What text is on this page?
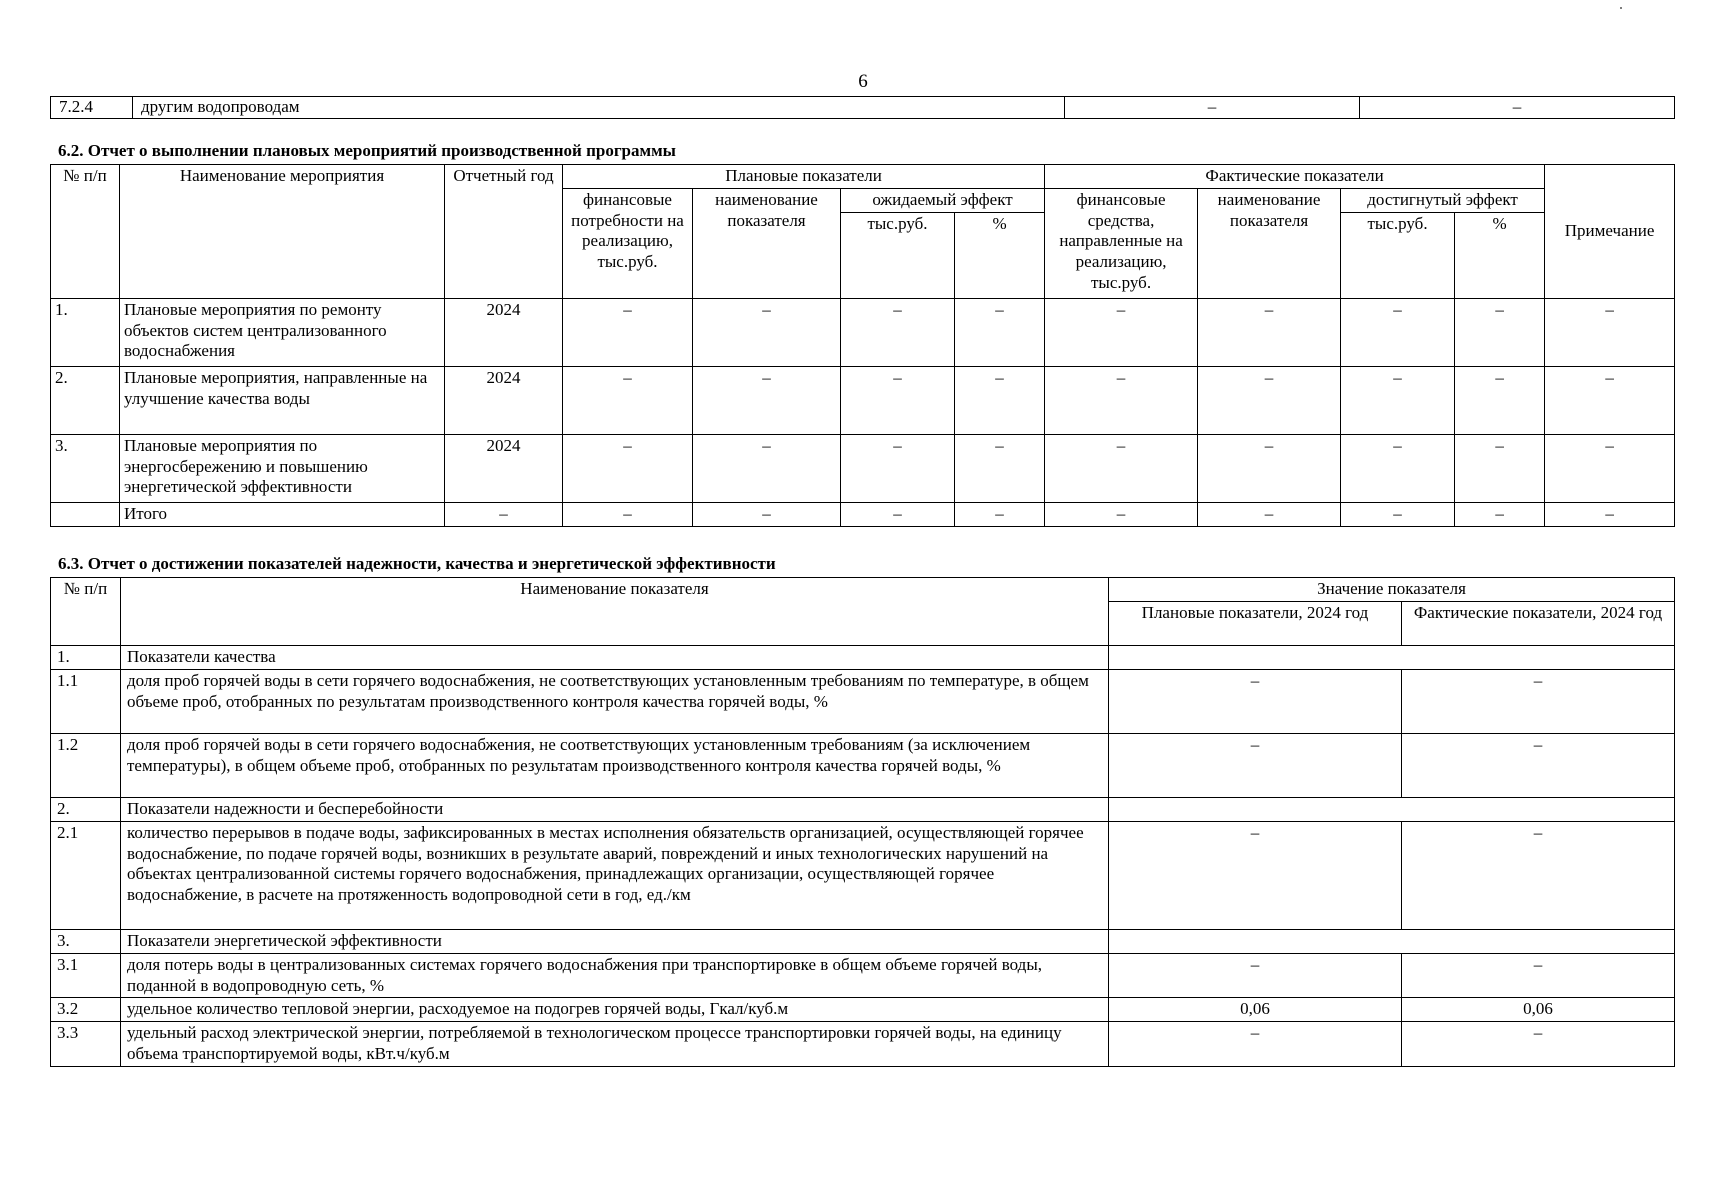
6
7.2.4	другим водопроводам	–	–
6.2. Отчет о выполнении плановых мероприятий производственной программы
№ п/п	Наименование мероприятия	Отчетный год	Плановые показатели				Фактические показатели				Примечание
			финансовые потребности на реализацию, тыс.руб.	наименование показателя	ожидаемый эффект		финансовые средства, направленные на реализацию, тыс.руб.	наименование показателя	достигнутый эффект		
					тыс.руб.	%			тыс.руб.	%	
1.	Плановые мероприятия по ремонту объектов систем централизованного водоснабжения	2024	–	–	–	–	–	–	–	–	–
2.	Плановые мероприятия, направленные на улучшение качества воды	2024	–	–	–	–	–	–	–	–	–
3.	Плановые мероприятия по энергосбережению и повышению энергетической эффективности	2024	–	–	–	–	–	–	–	–	–
	Итого	–	–	–	–	–	–	–	–	–	–
6.3. Отчет о достижении показателей надежности, качества и энергетической эффективности
№ п/п	Наименование показателя	Значение показателя	
		Плановые показатели, 2024 год	Фактические показатели, 2024 год
1.	Показатели качества		
1.1	доля проб горячей воды в сети горячего водоснабжения, не соответствующих установленным требованиям по температуре, в общем объеме проб, отобранных по результатам производственного контроля качества горячей воды, %	–	–
1.2	доля проб горячей воды в сети горячего водоснабжения, не соответствующих установленным требованиям (за исключением температуры), в общем объеме проб, отобранных по результатам производственного контроля качества горячей воды, %	–	–
2.	Показатели надежности и бесперебойности		
2.1	количество перерывов в подаче воды, зафиксированных в местах исполнения обязательств организацией, осуществляющей горячее водоснабжение, по подаче горячей воды, возникших в результате аварий, повреждений и иных технологических нарушений на объектах централизованной системы горячего водоснабжения, принадлежащих организации, осуществляющей горячее водоснабжение, в расчете на протяженность водопроводной сети в год, ед./км	–	–
3.	Показатели энергетической эффективности		
3.1	доля потерь воды в централизованных системах горячего водоснабжения при транспортировке в общем объеме горячей воды, поданной в водопроводную сеть, %	–	–
3.2	удельное количество тепловой энергии, расходуемое на подогрев горячей воды, Гкал/куб.м	0,06	0,06
3.3	удельный расход электрической энергии, потребляемой в технологическом процессе транспортировки горячей воды, на единицу объема транспортируемой воды, кВт.ч/куб.м	–	–
